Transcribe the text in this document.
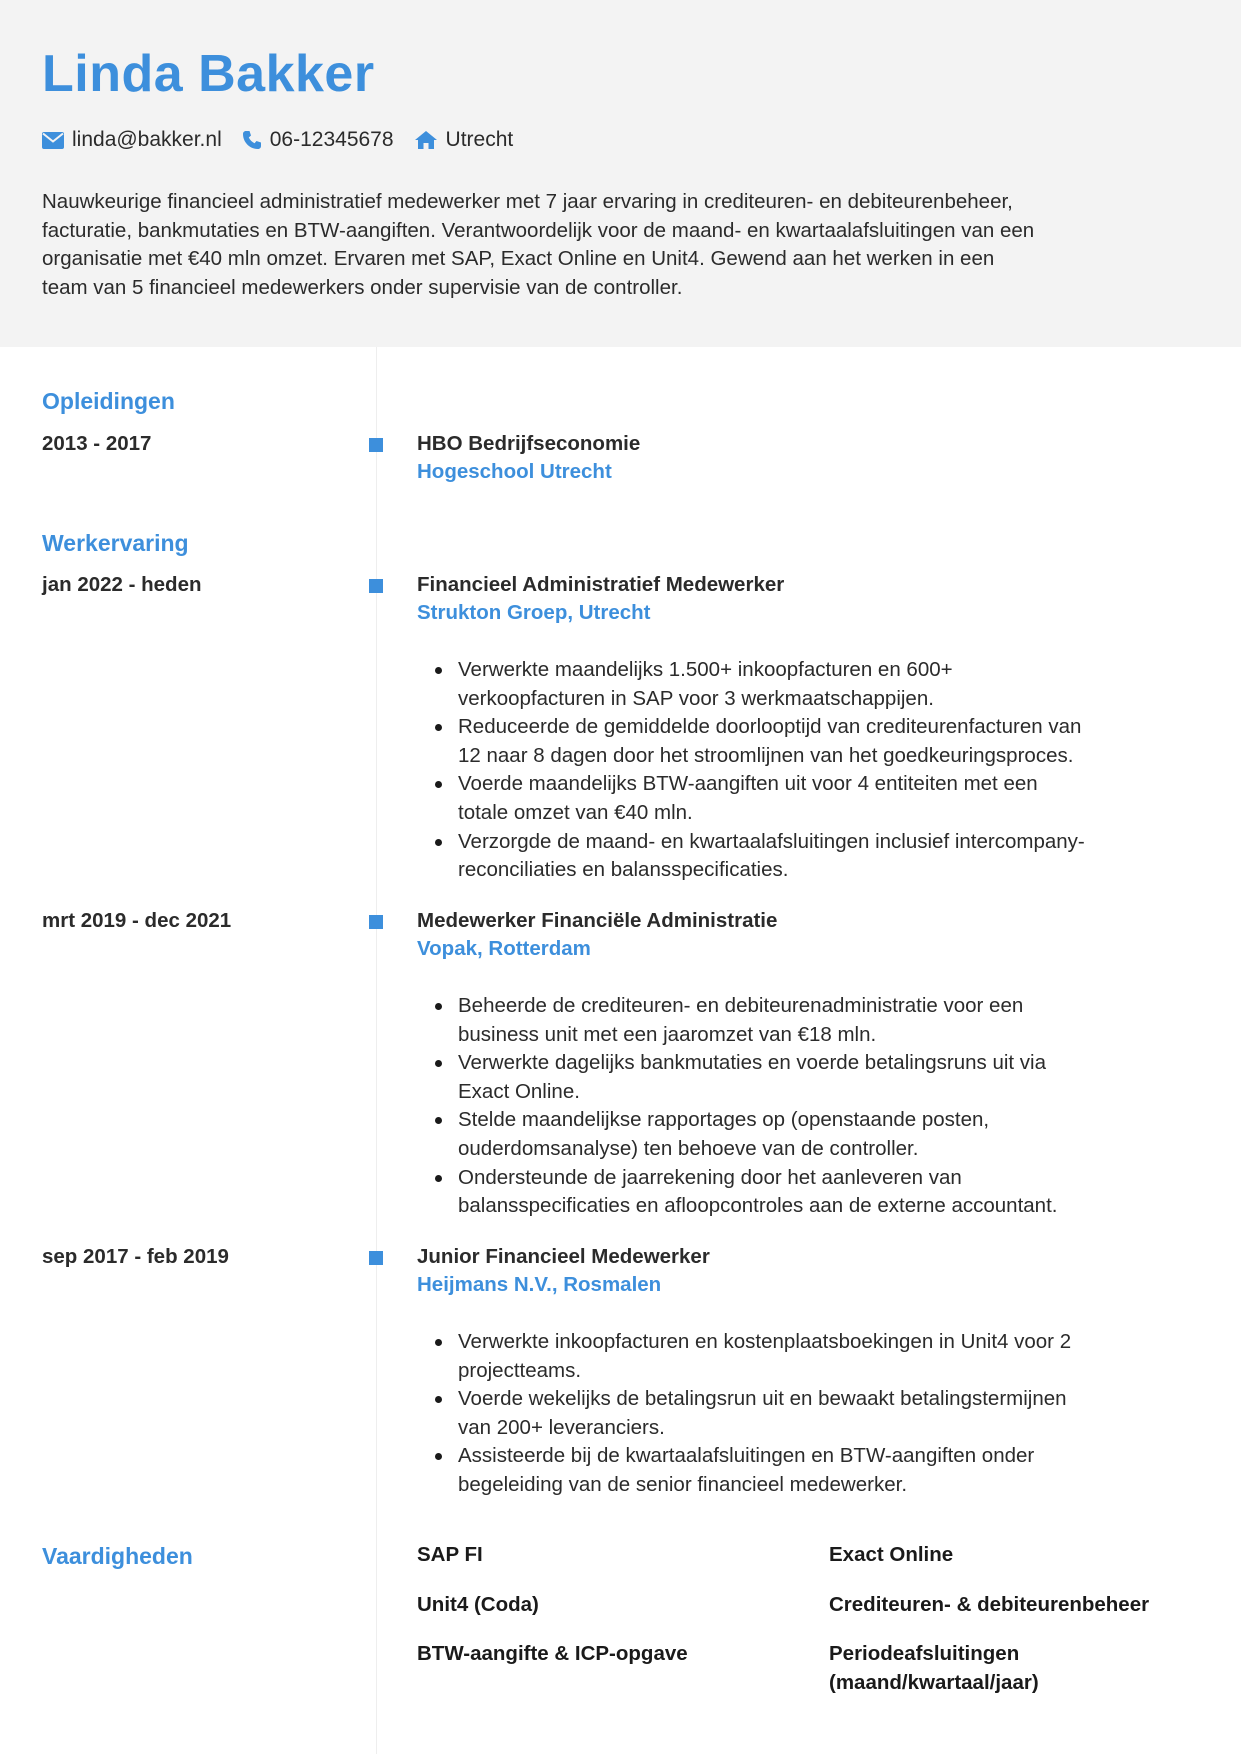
Linda Bakker
linda@bakker.nl 06-12345678 Utrecht
Nauwkeurige financieel administratief medewerker met 7 jaar ervaring in crediteuren- en debiteurenbeheer,
facturatie, bankmutaties en BTW-aangiften. Verantwoordelijk voor de maand- en kwartaalafsluitingen van een
organisatie met €40 mln omzet. Ervaren met SAP, Exact Online en Unit4. Gewend aan het werken in een
team van 5 financieel medewerkers onder supervisie van de controller.
Opleidingen
2013 - 2017	HBO Bedrijfseconomie
Hogeschool Utrecht
Werkervaring
jan 2022 - heden	Financieel Administratief Medewerker
Strukton Groep, Utrecht
Verwerkte maandelijks 1.500+ inkoopfacturen en 600+
verkoopfacturen in SAP voor 3 werkmaatschappijen.
Reduceerde de gemiddelde doorlooptijd van crediteurenfacturen van
12 naar 8 dagen door het stroomlijnen van het goedkeuringsproces.
Voerde maandelijks BTW-aangiften uit voor 4 entiteiten met een
totale omzet van €40 mln.
Verzorgde de maand- en kwartaalafsluitingen inclusief intercompany-
reconciliaties en balansspecificaties.
mrt 2019 - dec 2021	Medewerker Financiële Administratie
Vopak, Rotterdam
Beheerde de crediteuren- en debiteurenadministratie voor een
business unit met een jaaromzet van €18 mln.
Verwerkte dagelijks bankmutaties en voerde betalingsruns uit via
Exact Online.
Stelde maandelijkse rapportages op (openstaande posten,
ouderdomsanalyse) ten behoeve van de controller.
Ondersteunde de jaarrekening door het aanleveren van
balansspecificaties en afloopcontroles aan de externe accountant.
sep 2017 - feb 2019	Junior Financieel Medewerker
Heijmans N.V., Rosmalen
Verwerkte inkoopfacturen en kostenplaatsboekingen in Unit4 voor 2
projectteams.
Voerde wekelijks de betalingsrun uit en bewaakt betalingstermijnen
van 200+ leveranciers.
Assisteerde bij de kwartaalafsluitingen en BTW-aangiften onder
begeleiding van de senior financieel medewerker.
Vaardigheden	SAP FI	Exact Online
Unit4 (Coda)	Crediteuren- & debiteurenbeheer
BTW-aangifte & ICP-opgave	Periodeafsluitingen
(maand/kwartaal/jaar)
